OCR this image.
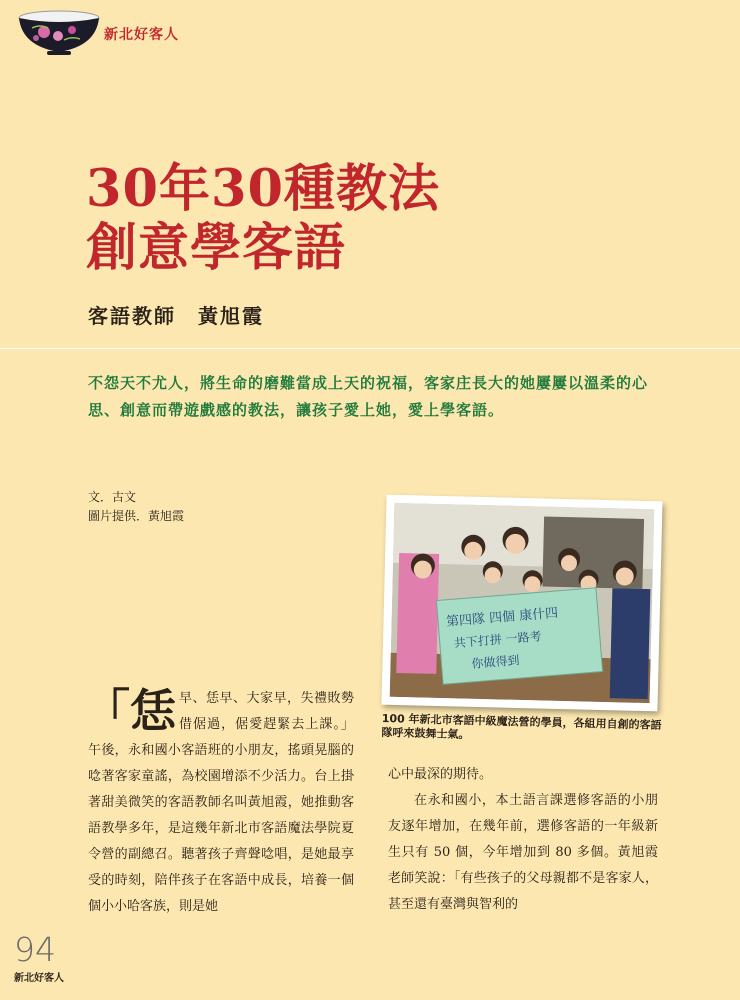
新北好客人
30年30種教法
創意學客語
客語教師　黃旭霞

不怨天不尤人，將生命的磨難當成上天的祝福，客家庄長大的她屢屢以溫柔的心思、創意而帶遊戲感的教法，讓孩子愛上她，愛上學客語。

文．古文
圖片提供．黃旭霞
第四隊 四個 康什四
共下打拼 一路考
你做得到

100 年新北市客語中級魔法營的學員，各組用自創的客語隊呼來鼓舞士氣。

「恁早、恁早、大家早，失禮敗勢借倨過，倨愛趕緊去上課。」午後，永和國小客語班的小朋友，搖頭晃腦的唸著客家童謠，為校園增添不少活力。台上掛著甜美微笑的客語教師名叫黃旭霞，她推動客語教學多年，是這幾年新北市客語魔法學院夏令營的副總召。聽著孩子齊聲唸唱，是她最享受的時刻，陪伴孩子在客語中成長，培養一個個小小哈客族，則是她

心中最深的期待。

在永和國小，本土語言課選修客語的小朋友逐年增加，在幾年前，選修客語的一年級新生只有 50 個，今年增加到 80 多個。黃旭霞老師笑說：「有些孩子的父母親都不是客家人，甚至還有臺灣與智利的

94
新北好客人
